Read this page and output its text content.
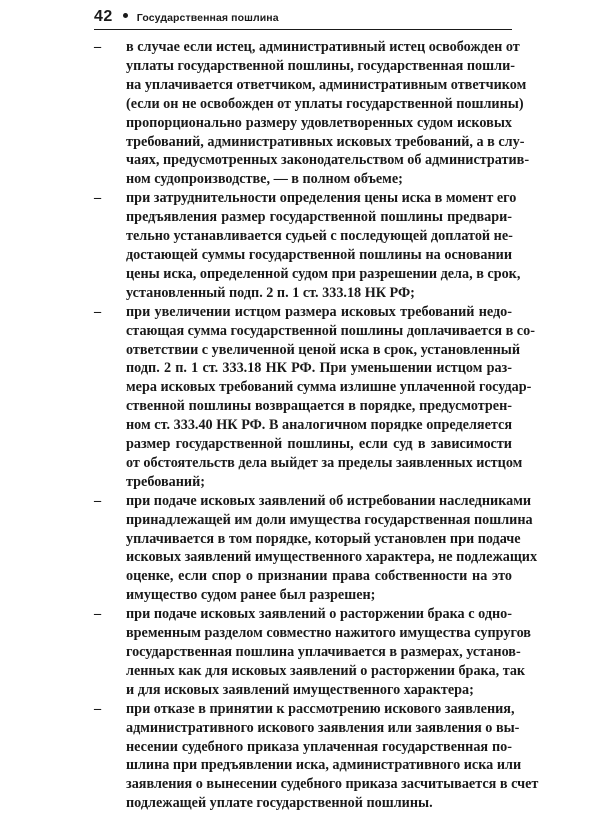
42 Государственная пошлина
–	в случае если истец, административный истец освобожден от
уплаты государственной пошлины, государственная пошли-
на уплачивается ответчиком, административным ответчиком
(если он не освобожден от уплаты государственной пошлины)
пропорционально размеру удовлетворенных судом исковых
требований, административных исковых требований, а в слу-
чаях, предусмотренных законодательством об административ-
ном судопроизводстве, — в полном объеме;
–	при затруднительности определения цены иска в момент его
предъявления размер государственной пошлины предвари-
тельно устанавливается судьей с последующей доплатой не-
достающей суммы государственной пошлины на основании
цены иска, определенной судом при разрешении дела, в срок,
установленный подп. 2 п. 1 ст. 333.18 НК РФ;
–	при увеличении истцом размера исковых требований недо-
стающая сумма государственной пошлины доплачивается в со-
ответствии с увеличенной ценой иска в срок, установленный
подп. 2 п. 1 ст. 333.18 НК РФ. При уменьшении истцом раз-
мера исковых требований сумма излишне уплаченной государ-
ственной пошлины возвращается в порядке, предусмотрен-
ном ст. 333.40 НК РФ. В аналогичном порядке определяется
размер государственной пошлины, если суд в зависимости
от обстоятельств дела выйдет за пределы заявленных истцом
требований;
–	при подаче исковых заявлений об истребовании наследниками
принадлежащей им доли имущества государственная пошлина
уплачивается в том порядке, который установлен при подаче
исковых заявлений имущественного характера, не подлежащих
оценке, если спор о признании права собственности на это
имущество судом ранее был разрешен;
–	при подаче исковых заявлений о расторжении брака с одно-
временным разделом совместно нажитого имущества супругов
государственная пошлина уплачивается в размерах, установ-
ленных как для исковых заявлений о расторжении брака, так
и для исковых заявлений имущественного характера;
–	при отказе в принятии к рассмотрению искового заявления,
административного искового заявления или заявления о вы-
несении судебного приказа уплаченная государственная по-
шлина при предъявлении иска, административного иска или
заявления о вынесении судебного приказа засчитывается в счет
подлежащей уплате государственной пошлины.
